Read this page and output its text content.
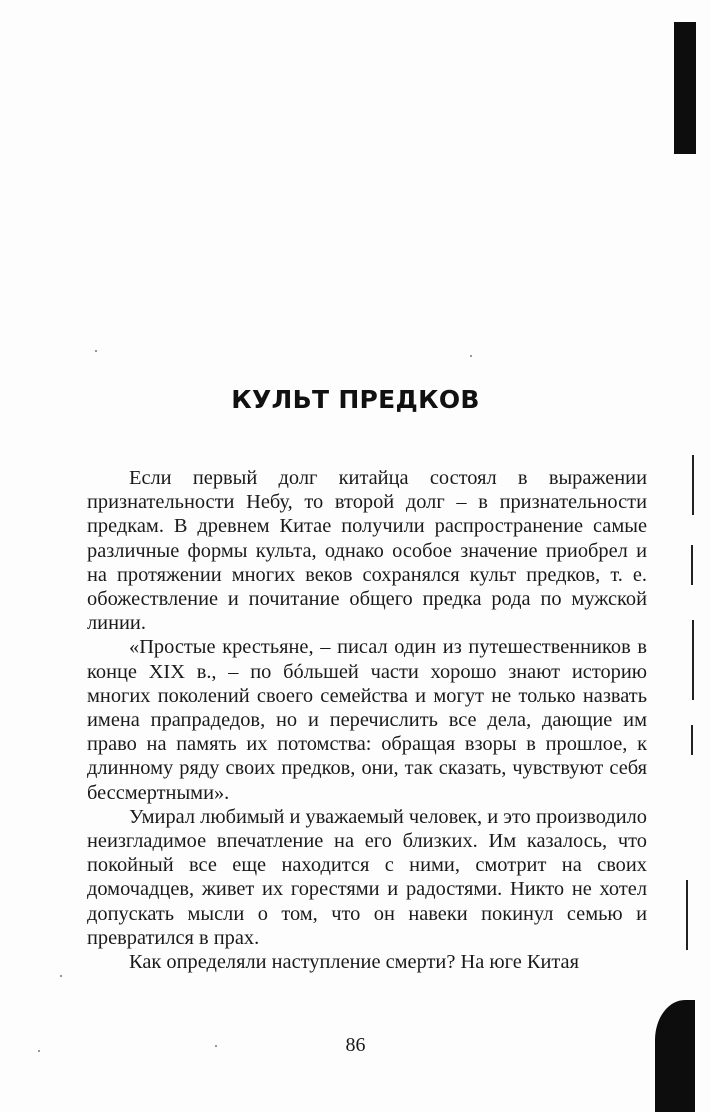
КУЛЬТ ПРЕДКОВ

Если первый долг китайца состоял в выражении признательности Небу, то второй долг – в признательности предкам. В древнем Китае получили распространение самые различные формы культа, однако особое значение приобрел и на протяжении многих веков сохранялся культ предков, т. е. обожествление и почитание общего предка рода по мужской линии.

«Простые крестьяне, – писал один из путешественников в конце XIX в., – по бóльшей части хорошо знают историю многих поколений своего семейства и могут не только назвать имена прапрадедов, но и перечислить все дела, дающие им право на память их потомства: обращая взоры в прошлое, к длинному ряду своих предков, они, так сказать, чувствуют себя бессмертными».

Умирал любимый и уважаемый человек, и это производило неизгладимое впечатление на его близких. Им казалось, что покойный все еще находится с ними, смотрит на своих домочадцев, живет их горестями и радостями. Никто не хотел допускать мысли о том, что он навеки покинул семью и превратился в прах.

Как определяли наступление смерти? На юге Китая

86
